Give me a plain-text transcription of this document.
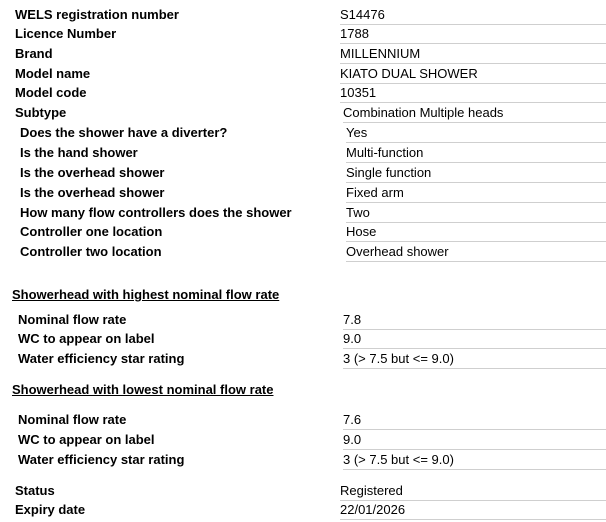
WELS registration number	S14476
Licence Number	1788
Brand	MILLENNIUM
Model name	KIATO DUAL SHOWER
Model code	10351
Subtype	Combination Multiple heads
Does the shower have a diverter?	Yes
Is the hand shower	Multi-function
Is the overhead shower	Single function
Is the overhead shower	Fixed arm
How many flow controllers does the shower	Two
Controller one location	Hose
Controller two location	Overhead shower
Showerhead with highest nominal flow rate
Nominal flow rate	7.8
WC to appear on label	9.0
Water efficiency star rating	3 (> 7.5 but <= 9.0)
Showerhead with lowest nominal flow rate
Nominal flow rate	7.6
WC to appear on label	9.0
Water efficiency star rating	3 (> 7.5 but <= 9.0)
Status	Registered
Expiry date	22/01/2026
